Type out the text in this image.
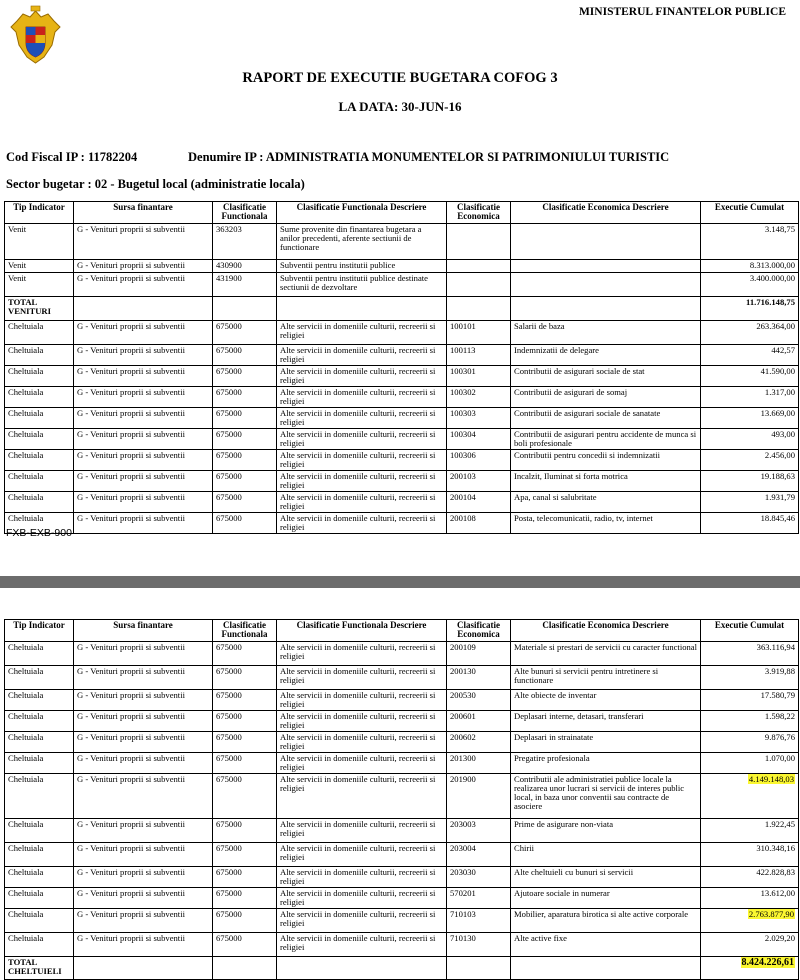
MINISTERUL FINANTELOR PUBLICE
RAPORT DE EXECUTIE BUGETARA COFOG 3
LA DATA: 30-JUN-16
Cod Fiscal IP : 11782204	Denumire IP : ADMINISTRATIA MONUMENTELOR SI PATRIMONIULUI TURISTIC
Sector bugetar : 02 - Bugetul local (administratie locala)
Tip Indicator	Sursa finantare	Clasificatie Functionala	Clasificatie Functionala Descriere	Clasificatie Economica	Clasificatie Economica Descriere	Executie Cumulat
Venit	G - Venituri proprii si subventii	363203	Sume provenite din finantarea bugetara a anilor precedenti, aferente sectiunii de functionare			3.148,75
Venit	G - Venituri proprii si subventii	430900	Subventii pentru institutii publice			8.313.000,00
Venit	G - Venituri proprii si subventii	431900	Subventii pentru institutii publice destinate sectiunii de dezvoltare			3.400.000,00
TOTAL VENITURI						11.716.148,75
Cheltuiala	G - Venituri proprii si subventii	675000	Alte servicii in domeniile culturii, recreerii si religiei	100101	Salarii de baza	263.364,00
Cheltuiala	G - Venituri proprii si subventii	675000	Alte servicii in domeniile culturii, recreerii si religiei	100113	Indemnizatii de delegare	442,57
Cheltuiala	G - Venituri proprii si subventii	675000	Alte servicii in domeniile culturii, recreerii si religiei	100301	Contributii de asigurari sociale de stat	41.590,00
Cheltuiala	G - Venituri proprii si subventii	675000	Alte servicii in domeniile culturii, recreerii si religiei	100302	Contributii de asigurari de somaj	1.317,00
Cheltuiala	G - Venituri proprii si subventii	675000	Alte servicii in domeniile culturii, recreerii si religiei	100303	Contributii de asigurari sociale de sanatate	13.669,00
Cheltuiala	G - Venituri proprii si subventii	675000	Alte servicii in domeniile culturii, recreerii si religiei	100304	Contributii de asigurari pentru accidente de munca si boli profesionale	493,00
Cheltuiala	G - Venituri proprii si subventii	675000	Alte servicii in domeniile culturii, recreerii si religiei	100306	Contributii pentru concedii si indemnizatii	2.456,00
Cheltuiala	G - Venituri proprii si subventii	675000	Alte servicii in domeniile culturii, recreerii si religiei	200103	Incalzit, Iluminat si forta motrica	19.188,63
Cheltuiala	G - Venituri proprii si subventii	675000	Alte servicii in domeniile culturii, recreerii si religiei	200104	Apa, canal si salubritate	1.931,79
Cheltuiala	G - Venituri proprii si subventii	675000	Alte servicii in domeniile culturii, recreerii si religiei	200108	Posta, telecomunicatii, radio, tv, internet	18.845,46
FXB-EXB-900
Tip Indicator	Sursa finantare	Clasificatie Functionala	Clasificatie Functionala Descriere	Clasificatie Economica	Clasificatie Economica Descriere	Executie Cumulat
Cheltuiala	G - Venituri proprii si subventii	675000	Alte servicii in domeniile culturii, recreerii si religiei	200109	Materiale si prestari de servicii cu caracter functional	363.116,94
Cheltuiala	G - Venituri proprii si subventii	675000	Alte servicii in domeniile culturii, recreerii si religiei	200130	Alte bunuri si servicii pentru intretinere si functionare	3.919,88
Cheltuiala	G - Venituri proprii si subventii	675000	Alte servicii in domeniile culturii, recreerii si religiei	200530	Alte obiecte de inventar	17.580,79
Cheltuiala	G - Venituri proprii si subventii	675000	Alte servicii in domeniile culturii, recreerii si religiei	200601	Deplasari interne, detasari, transferari	1.598,22
Cheltuiala	G - Venituri proprii si subventii	675000	Alte servicii in domeniile culturii, recreerii si religiei	200602	Deplasari in strainatate	9.876,76
Cheltuiala	G - Venituri proprii si subventii	675000	Alte servicii in domeniile culturii, recreerii si religiei	201300	Pregatire profesionala	1.070,00
Cheltuiala	G - Venituri proprii si subventii	675000	Alte servicii in domeniile culturii, recreerii si religiei	201900	Contributii ale administratiei publice locale la realizarea unor lucrari si servicii de interes public local, in baza unor conventii sau contracte de asociere	4.149.148,03
Cheltuiala	G - Venituri proprii si subventii	675000	Alte servicii in domeniile culturii, recreerii si religiei	203003	Prime de asigurare non-viata	1.922,45
Cheltuiala	G - Venituri proprii si subventii	675000	Alte servicii in domeniile culturii, recreerii si religiei	203004	Chirii	310.348,16
Cheltuiala	G - Venituri proprii si subventii	675000	Alte servicii in domeniile culturii, recreerii si religiei	203030	Alte cheltuieli cu bunuri si servicii	422.828,83
Cheltuiala	G - Venituri proprii si subventii	675000	Alte servicii in domeniile culturii, recreerii si religiei	570201	Ajutoare sociale in numerar	13.612,00
Cheltuiala	G - Venituri proprii si subventii	675000	Alte servicii in domeniile culturii, recreerii si religiei	710103	Mobilier, aparatura birotica si alte active corporale	2.763.877,90
Cheltuiala	G - Venituri proprii si subventii	675000	Alte servicii in domeniile culturii, recreerii si religiei	710130	Alte active fixe	2.029,20
TOTAL CHELTUIELI						8.424.226,61
